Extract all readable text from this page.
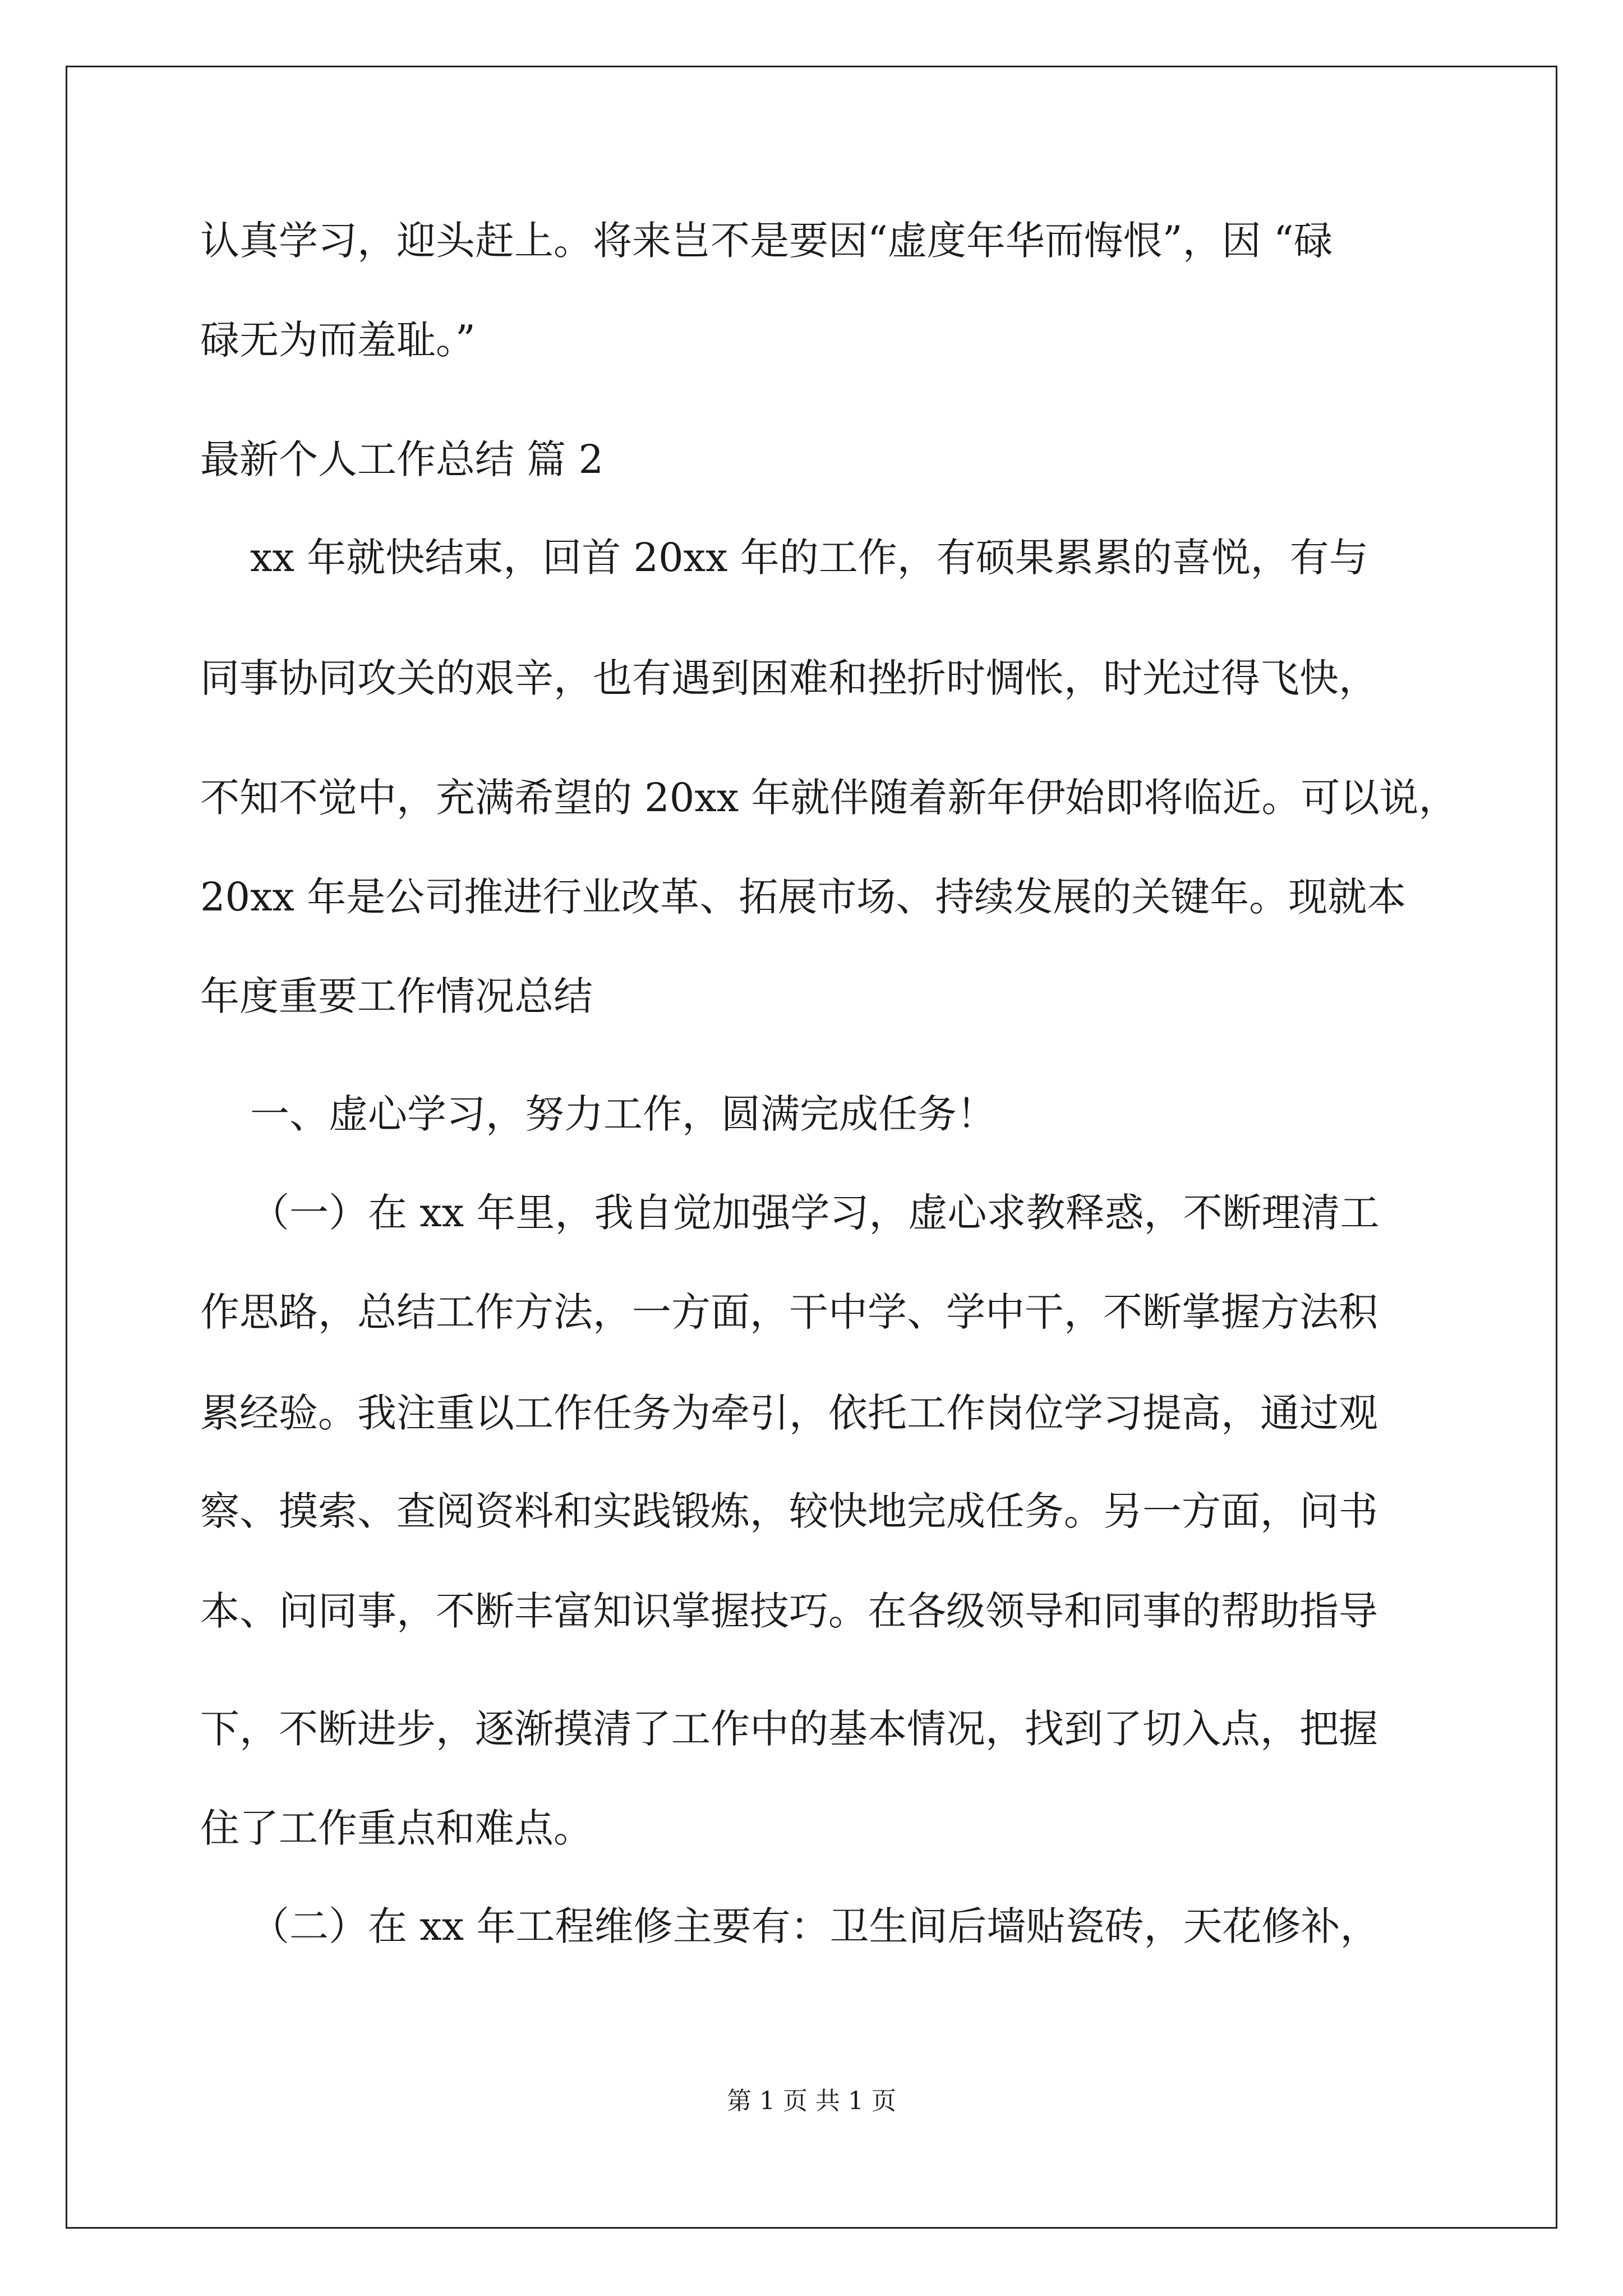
认真学习，迎头赶上。将来岂不是要因“虚度年华而悔恨”，因 “碌

碌无为而羞耻。”

最新个人工作总结 篇 2

xx 年就快结束，回首 20xx 年的工作，有硕果累累的喜悦，有与

同事协同攻关的艰辛，也有遇到困难和挫折时惆怅，时光过得飞快，

不知不觉中，充满希望的 20xx 年就伴随着新年伊始即将临近。可以说，

20xx 年是公司推进行业改革、拓展市场、持续发展的关键年。现就本

年度重要工作情况总结

一、虚心学习，努力工作，圆满完成任务！

（一）在 xx 年里，我自觉加强学习，虚心求教释惑，不断理清工

作思路，总结工作方法，一方面，干中学、学中干，不断掌握方法积

累经验。我注重以工作任务为牵引，依托工作岗位学习提高，通过观

察、摸索、查阅资料和实践锻炼，较快地完成任务。另一方面，问书

本、问同事，不断丰富知识掌握技巧。在各级领导和同事的帮助指导

下，不断进步，逐渐摸清了工作中的基本情况，找到了切入点，把握

住了工作重点和难点。

（二）在 xx 年工程维修主要有：卫生间后墙贴瓷砖，天花修补，

第 1 页 共 1 页
